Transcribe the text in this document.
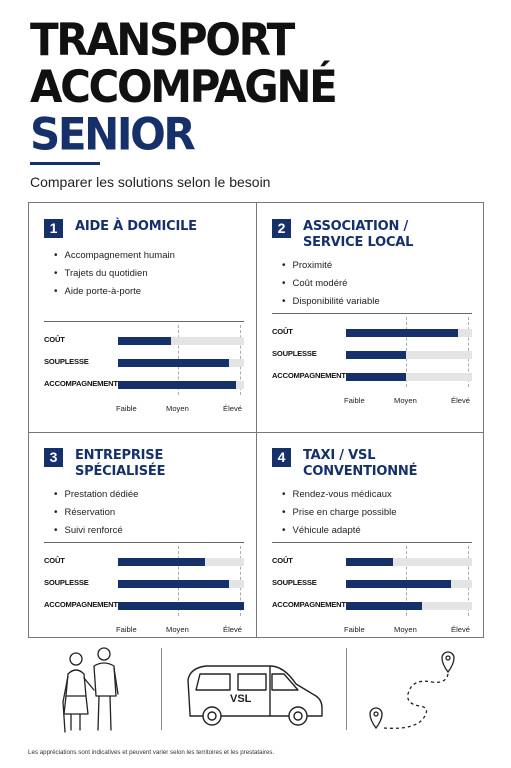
TRANSPORT
ACCOMPAGNÉ
SENIOR
Comparer les solutions selon le besoin
1	AIDE À DOMICILE
• Accompagnement humain
• Trajets du quotidien
• Aide porte-à-porte
COÛT
SOUPLESSE
ACCOMPAGNEMENT
Faible	Moyen	Élevé
2	ASSOCIATION /
SERVICE LOCAL
• Proximité
• Coût modéré
• Disponibilité variable
COÛT
SOUPLESSE
ACCOMPAGNEMENT
Faible	Moyen	Élevé
3	ENTREPRISE
SPÉCIALISÉE
• Prestation dédiée
• Réservation
• Suivi renforcé
COÛT
SOUPLESSE
ACCOMPAGNEMENT
Faible	Moyen	Élevé
4	TAXI / VSL
CONVENTIONNÉ
• Rendez-vous médicaux
• Prise en charge possible
• Véhicule adapté
COÛT
SOUPLESSE
ACCOMPAGNEMENT
Faible	Moyen	Élevé
VSL
Les appréciations sont indicatives et peuvent varier selon les territoires et les prestataires.
